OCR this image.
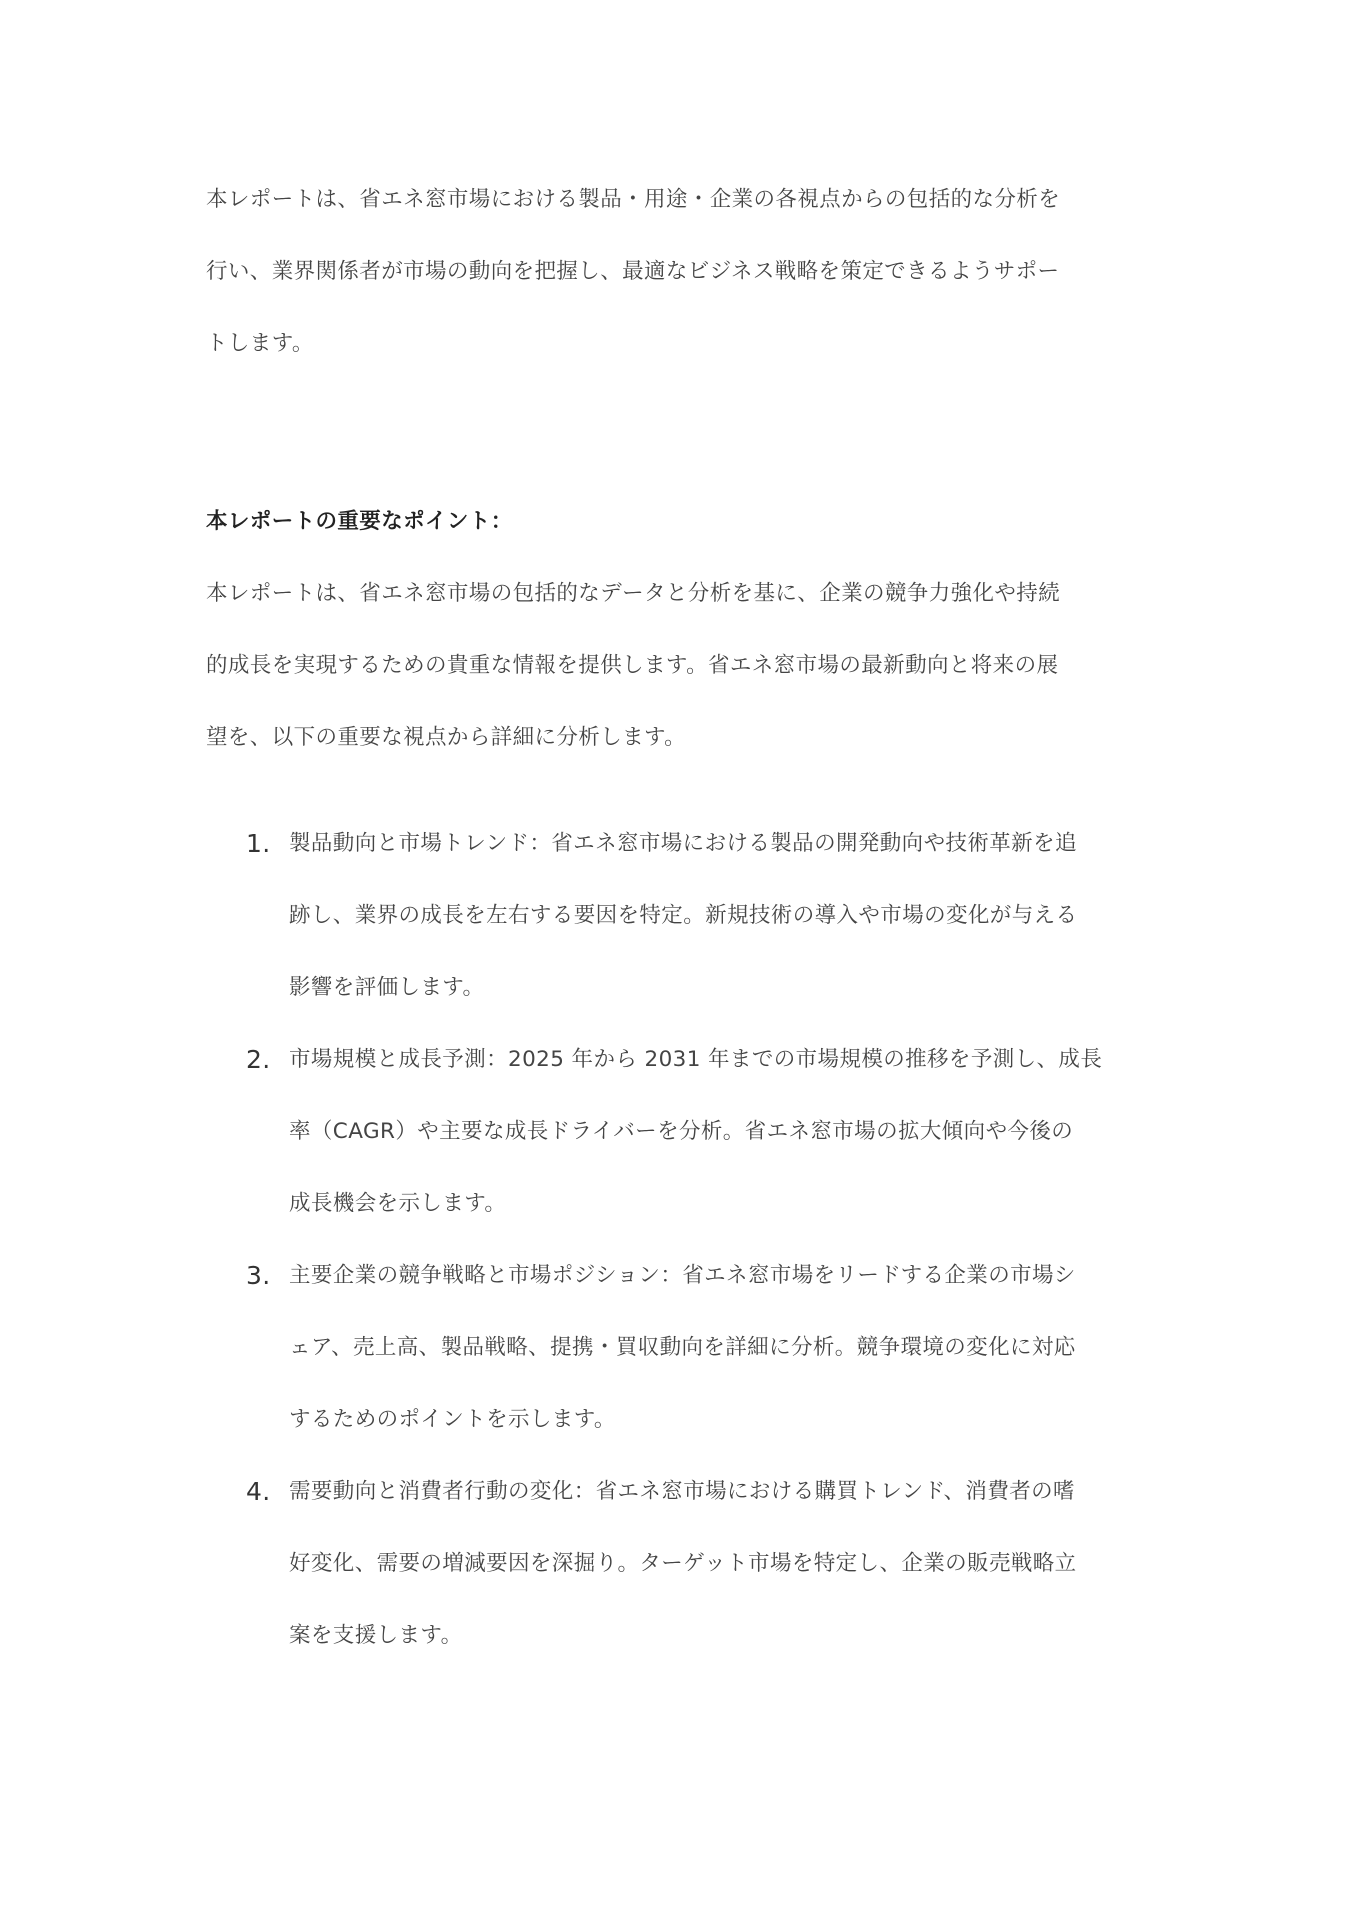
本レポートは、省エネ窓市場における製品・用途・企業の各視点からの包括的な分析を
行い、業界関係者が市場の動向を把握し、最適なビジネス戦略を策定できるようサポー
トします。
本レポートの重要なポイント：
本レポートは、省エネ窓市場の包括的なデータと分析を基に、企業の競争力強化や持続
的成長を実現するための貴重な情報を提供します。省エネ窓市場の最新動向と将来の展
望を、以下の重要な視点から詳細に分析します。
1. 製品動向と市場トレンド：省エネ窓市場における製品の開発動向や技術革新を追
跡し、業界の成長を左右する要因を特定。新規技術の導入や市場の変化が与える
影響を評価します。
2. 市場規模と成長予測：2025 年から 2031 年までの市場規模の推移を予測し、成長
率（CAGR）や主要な成長ドライバーを分析。省エネ窓市場の拡大傾向や今後の
成長機会を示します。
3. 主要企業の競争戦略と市場ポジション：省エネ窓市場をリードする企業の市場シ
ェア、売上高、製品戦略、提携・買収動向を詳細に分析。競争環境の変化に対応
するためのポイントを示します。
4. 需要動向と消費者行動の変化：省エネ窓市場における購買トレンド、消費者の嗜
好変化、需要の増減要因を深掘り。ターゲット市場を特定し、企業の販売戦略立
案を支援します。
